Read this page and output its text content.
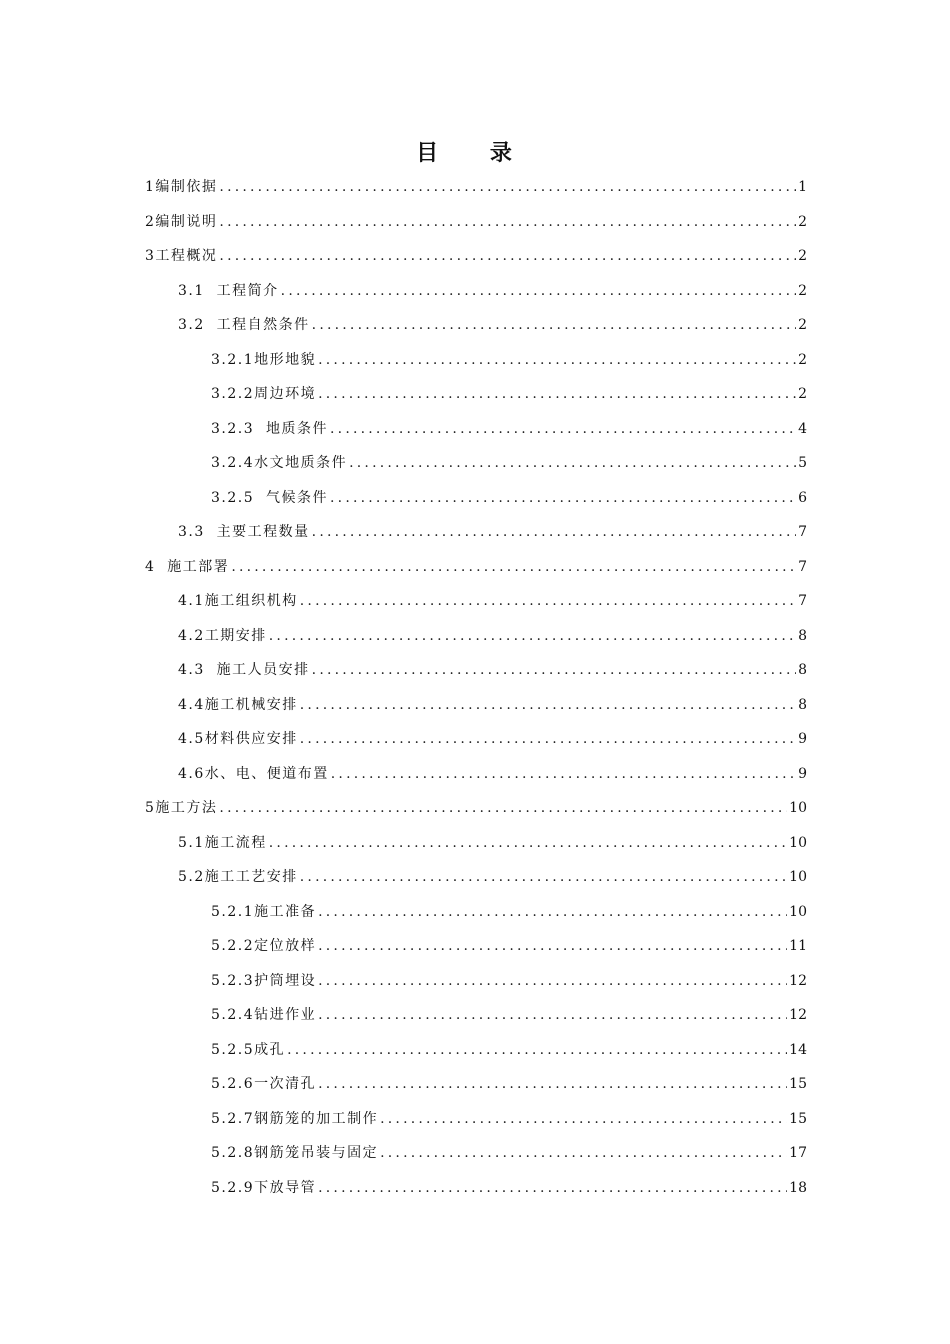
目 录
1编制依据 .....	1
2编制说明 .....	2
3工程概况 .....	2
3.1  工程简介 .....	2
3.2  工程自然条件 .....	2
3.2.1地形地貌 .....	2
3.2.2周边环境 .....	2
3.2.3  地质条件 .....	4
3.2.4水文地质条件 .....	5
3.2.5  气候条件 .....	6
3.3  主要工程数量 .....	7
4  施工部署 .....	7
4.1施工组织机构 .....	7
4.2工期安排 .....	8
4.3  施工人员安排 .....	8
4.4施工机械安排 .....	8
4.5材料供应安排 .....	9
4.6水、电、便道布置 .....	9
5施工方法 .....	10
5.1施工流程 .....	10
5.2施工工艺安排 .....	10
5.2.1施工准备 .....	10
5.2.2定位放样 .....	11
5.2.3护筒埋设 .....	12
5.2.4钻进作业 .....	12
5.2.5成孔 .....	14
5.2.6一次清孔 .....	15
5.2.7钢筋笼的加工制作 .....	15
5.2.8钢筋笼吊装与固定 .....	17
5.2.9下放导管 .....	18
